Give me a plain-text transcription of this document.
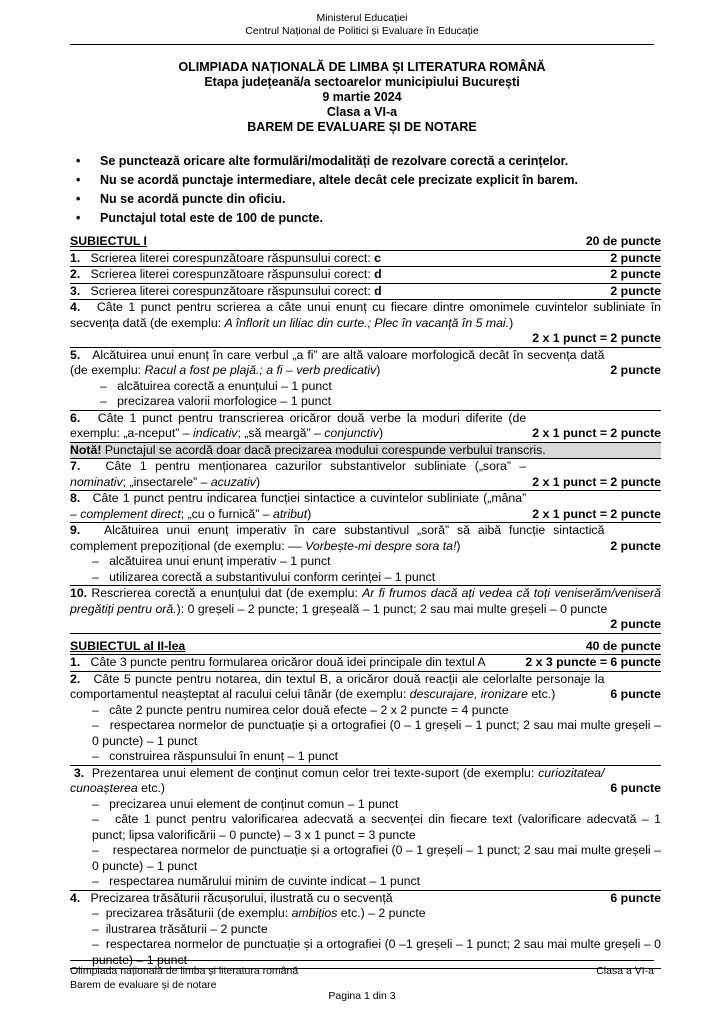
Ministerul Educației
Centrul Național de Politici și Evaluare în Educație
OLIMPIADA NAȚIONALĂ DE LIMBA ȘI LITERATURA ROMÂNĂ
Etapa județeană/a sectoarelor municipiului București
9 martie 2024
Clasa a VI-a
BAREM DE EVALUARE ȘI DE NOTARE
• Se punctează oricare alte formulări/modalități de rezolvare corectă a cerințelor.
• Nu se acordă punctaje intermediare, altele decât cele precizate explicit în barem.
• Nu se acordă puncte din oficiu.
• Punctajul total este de 100 de puncte.
SUBIECTUL I	20 de puncte
1. Scrierea literei corespunzătoare răspunsului corect: c	2 puncte
2. Scrierea literei corespunzătoare răspunsului corect: d	2 puncte
3. Scrierea literei corespunzătoare răspunsului corect: d	2 puncte
4. Câte 1 punct pentru scrierea a câte unui enunț cu fiecare dintre omonimele cuvintelor subliniate în secvența dată (de exemplu: A înflorit un liliac din curte.; Plec în vacanță în 5 mai.)
2 x 1 punct = 2 puncte
5. Alcătuirea unui enunț în care verbul „a fi” are altă valoare morfologică decât în secvența dată (de exemplu: Racul a fost pe plajă.; a fi – verb predicativ)	2 puncte
–   alcătuirea corectă a enunțului – 1 punct
–   precizarea valorii morfologice – 1 punct
6. Câte 1 punct pentru transcrierea oricăror două verbe la moduri diferite (de exemplu: „a-nceput” – indicativ; „să meargă” – conjunctiv)	2 x 1 punct = 2 puncte
Notă! Punctajul se acordă doar dacă precizarea modului corespunde verbului transcris.
7. Câte 1 pentru menționarea cazurilor substantivelor subliniate („sora” – nominativ; „insectarele” – acuzativ)	2 x 1 punct = 2 puncte
8. Câte 1 punct pentru indicarea funcției sintactice a cuvintelor subliniate („mâna” – complement direct; „cu o furnică” – atribut)	2 x 1 punct = 2 puncte
9. Alcătuirea unui enunț imperativ în care substantivul „soră” să aibă funcție sintactică complement prepozițional (de exemplu: –– Vorbește-mi despre sora ta!)	2 puncte
–   alcătuirea unui enunț imperativ – 1 punct
–   utilizarea corectă a substantivului conform cerinței – 1 punct
10. Rescrierea corectă a enunțului dat (de exemplu: Ar fi frumos dacă ați vedea că toți veniserăm/veniseră pregătiți pentru oră.): 0 greșeli – 2 puncte; 1 greșeală – 1 punct; 2 sau mai multe greșeli – 0 puncte
2 puncte
SUBIECTUL al II-lea	40 de puncte
1. Câte 3 puncte pentru formularea oricăror două idei principale din textul A	2 x 3 puncte = 6 puncte
2. Câte 5 puncte pentru notarea, din textul B, a oricăror două reacții ale celorlalte personaje la comportamentul neașteptat al racului celui tânăr (de exemplu: descurajare, ironizare etc.)	6 puncte
–   câte 2 puncte pentru numirea celor două efecte – 2 x 2 puncte = 4 puncte
–   respectarea normelor de punctuație și a ortografiei (0 – 1 greșeli – 1 punct; 2 sau mai multe greșeli – 0 puncte) – 1 punct
–   construirea răspunsului în enunț – 1 punct
3. Prezentarea unui element de conținut comun celor trei texte-suport (de exemplu: curiozitatea/ cunoașterea etc.)	6 puncte
–   precizarea unui element de conținut comun – 1 punct
–   câte 1 punct pentru valorificarea adecvată a secvenței din fiecare text (valorificare adecvată – 1 punct; lipsa valorificării – 0 puncte) – 3 x 1 punct = 3 puncte
–    respectarea normelor de punctuație și a ortografiei (0 – 1 greșeli – 1 punct; 2 sau mai multe greșeli – 0 puncte) – 1 punct
–   respectarea numărului minim de cuvinte indicat – 1 punct
4. Precizarea trăsăturii răcușorului, ilustrată cu o secvență	6 puncte
–  precizarea trăsăturii (de exemplu: ambițios etc.) – 2 puncte
–  ilustrarea trăsăturii – 2 puncte
–  respectarea normelor de punctuație și a ortografiei (0 –1 greșeli – 1 punct; 2 sau mai multe greșeli – 0 puncte) – 1 punct
Olimpiada națională de limba și literatura română
Barem de evaluare și de notare
Clasa a VI-a
Pagina 1 din 3
